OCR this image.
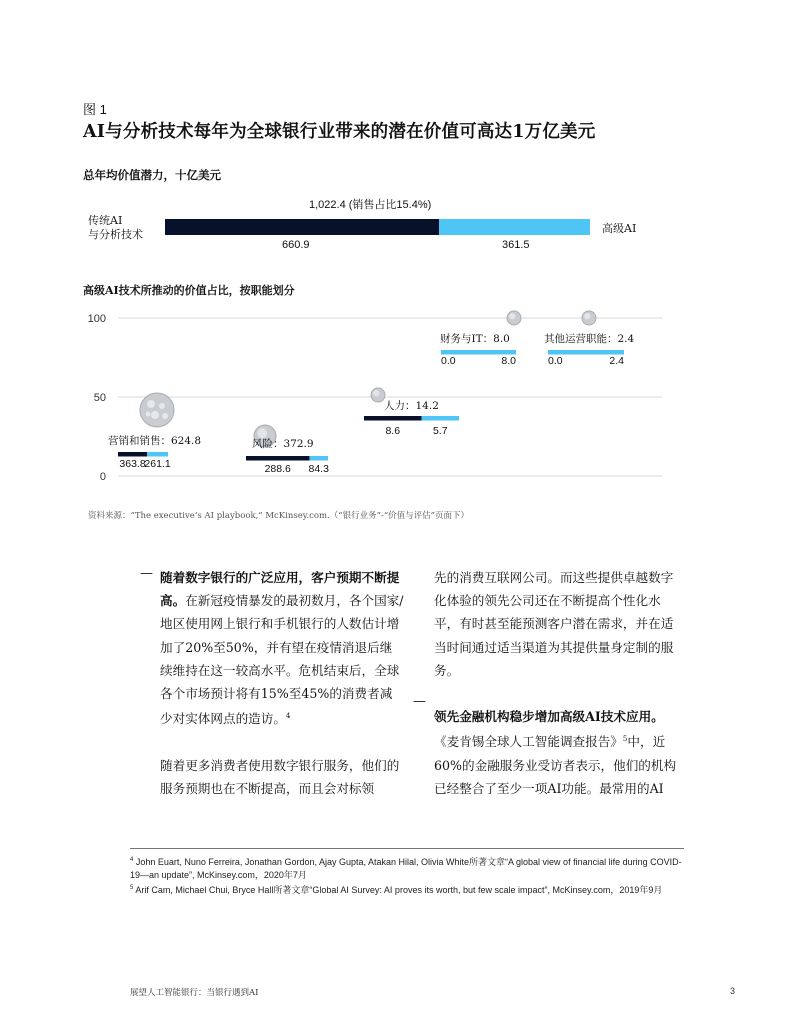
图 1
AI与分析技术每年为全球银行业带来的潜在价值可高达1万亿美元
总年均价值潜力，十亿美元
1,022.4 (销售占比15.4%)
传统AI
与分析技术	高级AI
660.9	361.5
高级AI技术所推动的价值占比，按职能划分
0
50
100
营销和销售：624.8
363.8
261.1
风险：372.9
288.6 84.3
人力：14.2
8.6	5.7
财务与IT：8.0
0.0	8.0
其他运营职能：2.4
0.0	2.4
资料来源：“The executive’s AI playbook,” McKinsey.com.（“银行业务”-“价值与评估”页面下）
— 随着数字银行的广泛应用，客户预期不断提高。在新冠疫情暴发的最初数月，各个国家/地区使用网上银行和手机银行的人数估计增加了20%至50%，并有望在疫情消退后继续维持在这一较高水平。危机结束后，全球各个市场预计将有15%至45%的消费者减少对实体网点的造访。$^4$

随着更多消费者使用数字银行服务，他们的服务预期也在不断提高，而且会对标领

—

先的消费互联网公司。而这些提供卓越数字化体验的领先公司还在不断提高个性化水平，有时甚至能预测客户潜在需求，并在适当时间通过适当渠道为其提供量身定制的服务。

领先金融机构稳步增加高级AI技术应用。《麦肯锡全球人工智能调查报告》$^5$中，近60%的金融服务业受访者表示，他们的机构已经整合了至少一项AI功能。最常用的AI

$^4$ John Euart, Nuno Ferreira, Jonathan Gordon, Ajay Gupta, Atakan Hilal, Olivia White所著文章“A global view of financial life during COVID-19—an update”, McKinsey.com，2020年7月

$^5$ Arif Cam, Michael Chui, Bryce Hall所著文章“Global AI Survey: AI proves its worth, but few scale impact”, McKinsey.com，2019年9月

展望人工智能银行：当银行遇到AI	3
